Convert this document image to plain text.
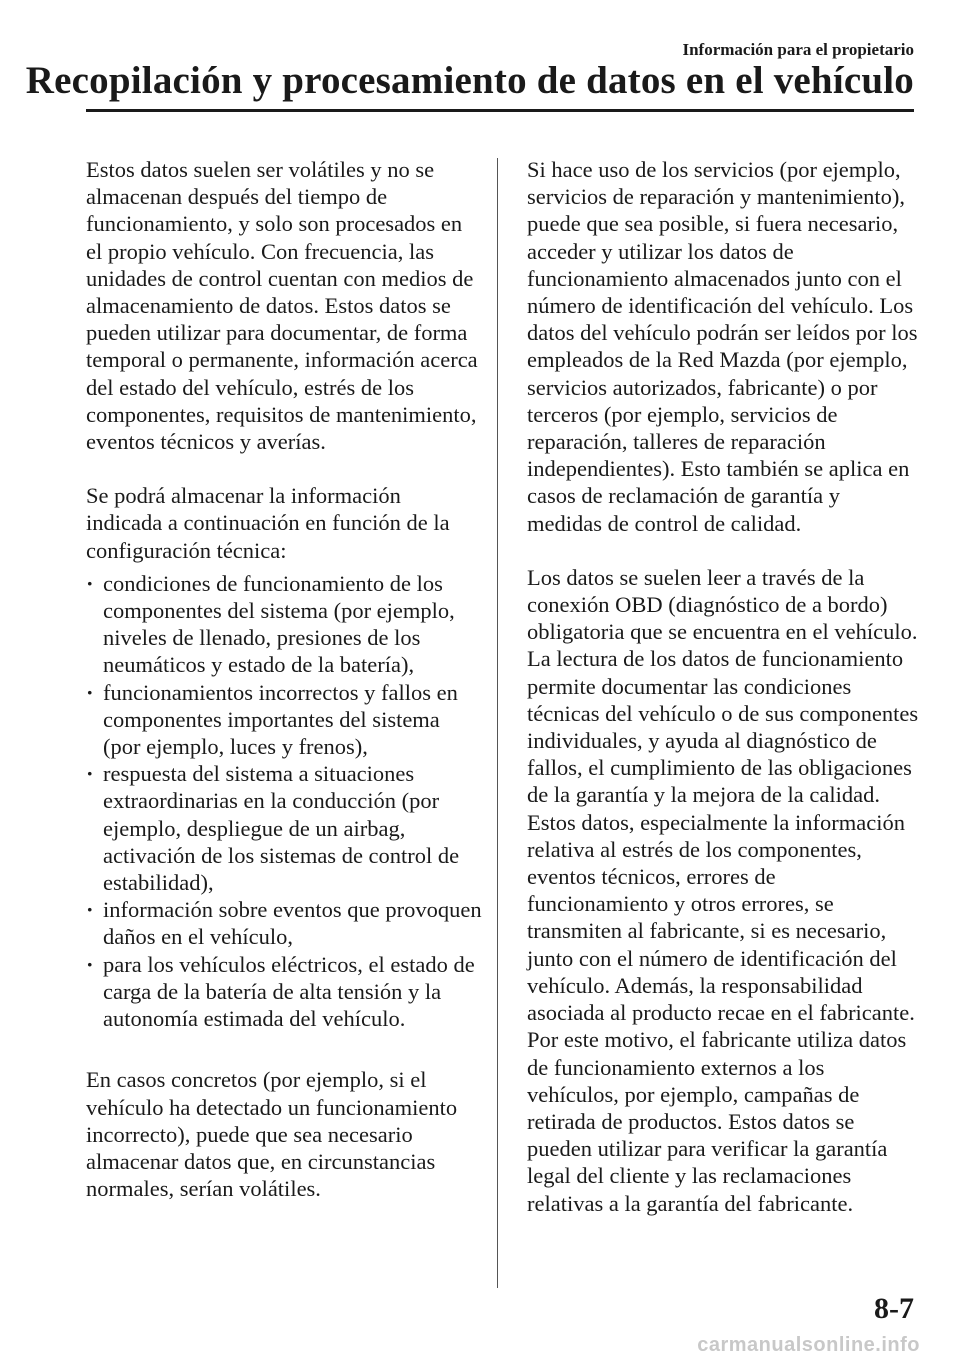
Información para el propietario
Recopilación y procesamiento de datos en el vehículo

Estos datos suelen ser volátiles y no se almacenan después del tiempo de funcionamiento, y solo son procesados en el propio vehículo. Con frecuencia, las unidades de control cuentan con medios de almacenamiento de datos. Estos datos se pueden utilizar para documentar, de forma temporal o permanente, información acerca del estado del vehículo, estrés de los componentes, requisitos de mantenimiento, eventos técnicos y averías.

Se podrá almacenar la información indicada a continuación en función de la configuración técnica:

· condiciones de funcionamiento de los componentes del sistema (por ejemplo, niveles de llenado, presiones de los neumáticos y estado de la batería),
· funcionamientos incorrectos y fallos en componentes importantes del sistema (por ejemplo, luces y frenos),
· respuesta del sistema a situaciones extraordinarias en la conducción (por ejemplo, despliegue de un airbag, activación de los sistemas de control de estabilidad),
· información sobre eventos que provoquen daños en el vehículo,
· para los vehículos eléctricos, el estado de carga de la batería de alta tensión y la autonomía estimada del vehículo.

En casos concretos (por ejemplo, si el vehículo ha detectado un funcionamiento incorrecto), puede que sea necesario almacenar datos que, en circunstancias normales, serían volátiles.

Si hace uso de los servicios (por ejemplo, servicios de reparación y mantenimiento), puede que sea posible, si fuera necesario, acceder y utilizar los datos de funcionamiento almacenados junto con el número de identificación del vehículo. Los datos del vehículo podrán ser leídos por los empleados de la Red Mazda (por ejemplo, servicios autorizados, fabricante) o por terceros (por ejemplo, servicios de reparación, talleres de reparación independientes). Esto también se aplica en casos de reclamación de garantía y medidas de control de calidad.

Los datos se suelen leer a través de la conexión OBD (diagnóstico de a bordo) obligatoria que se encuentra en el vehículo. La lectura de los datos de funcionamiento permite documentar las condiciones técnicas del vehículo o de sus componentes individuales, y ayuda al diagnóstico de fallos, el cumplimiento de las obligaciones de la garantía y la mejora de la calidad. Estos datos, especialmente la información relativa al estrés de los componentes, eventos técnicos, errores de funcionamiento y otros errores, se transmiten al fabricante, si es necesario, junto con el número de identificación del vehículo. Además, la responsabilidad asociada al producto recae en el fabricante. Por este motivo, el fabricante utiliza datos de funcionamiento externos a los vehículos, por ejemplo, campañas de retirada de productos. Estos datos se pueden utilizar para verificar la garantía legal del cliente y las reclamaciones relativas a la garantía del fabricante.

8-7
carmanualsonline.info
